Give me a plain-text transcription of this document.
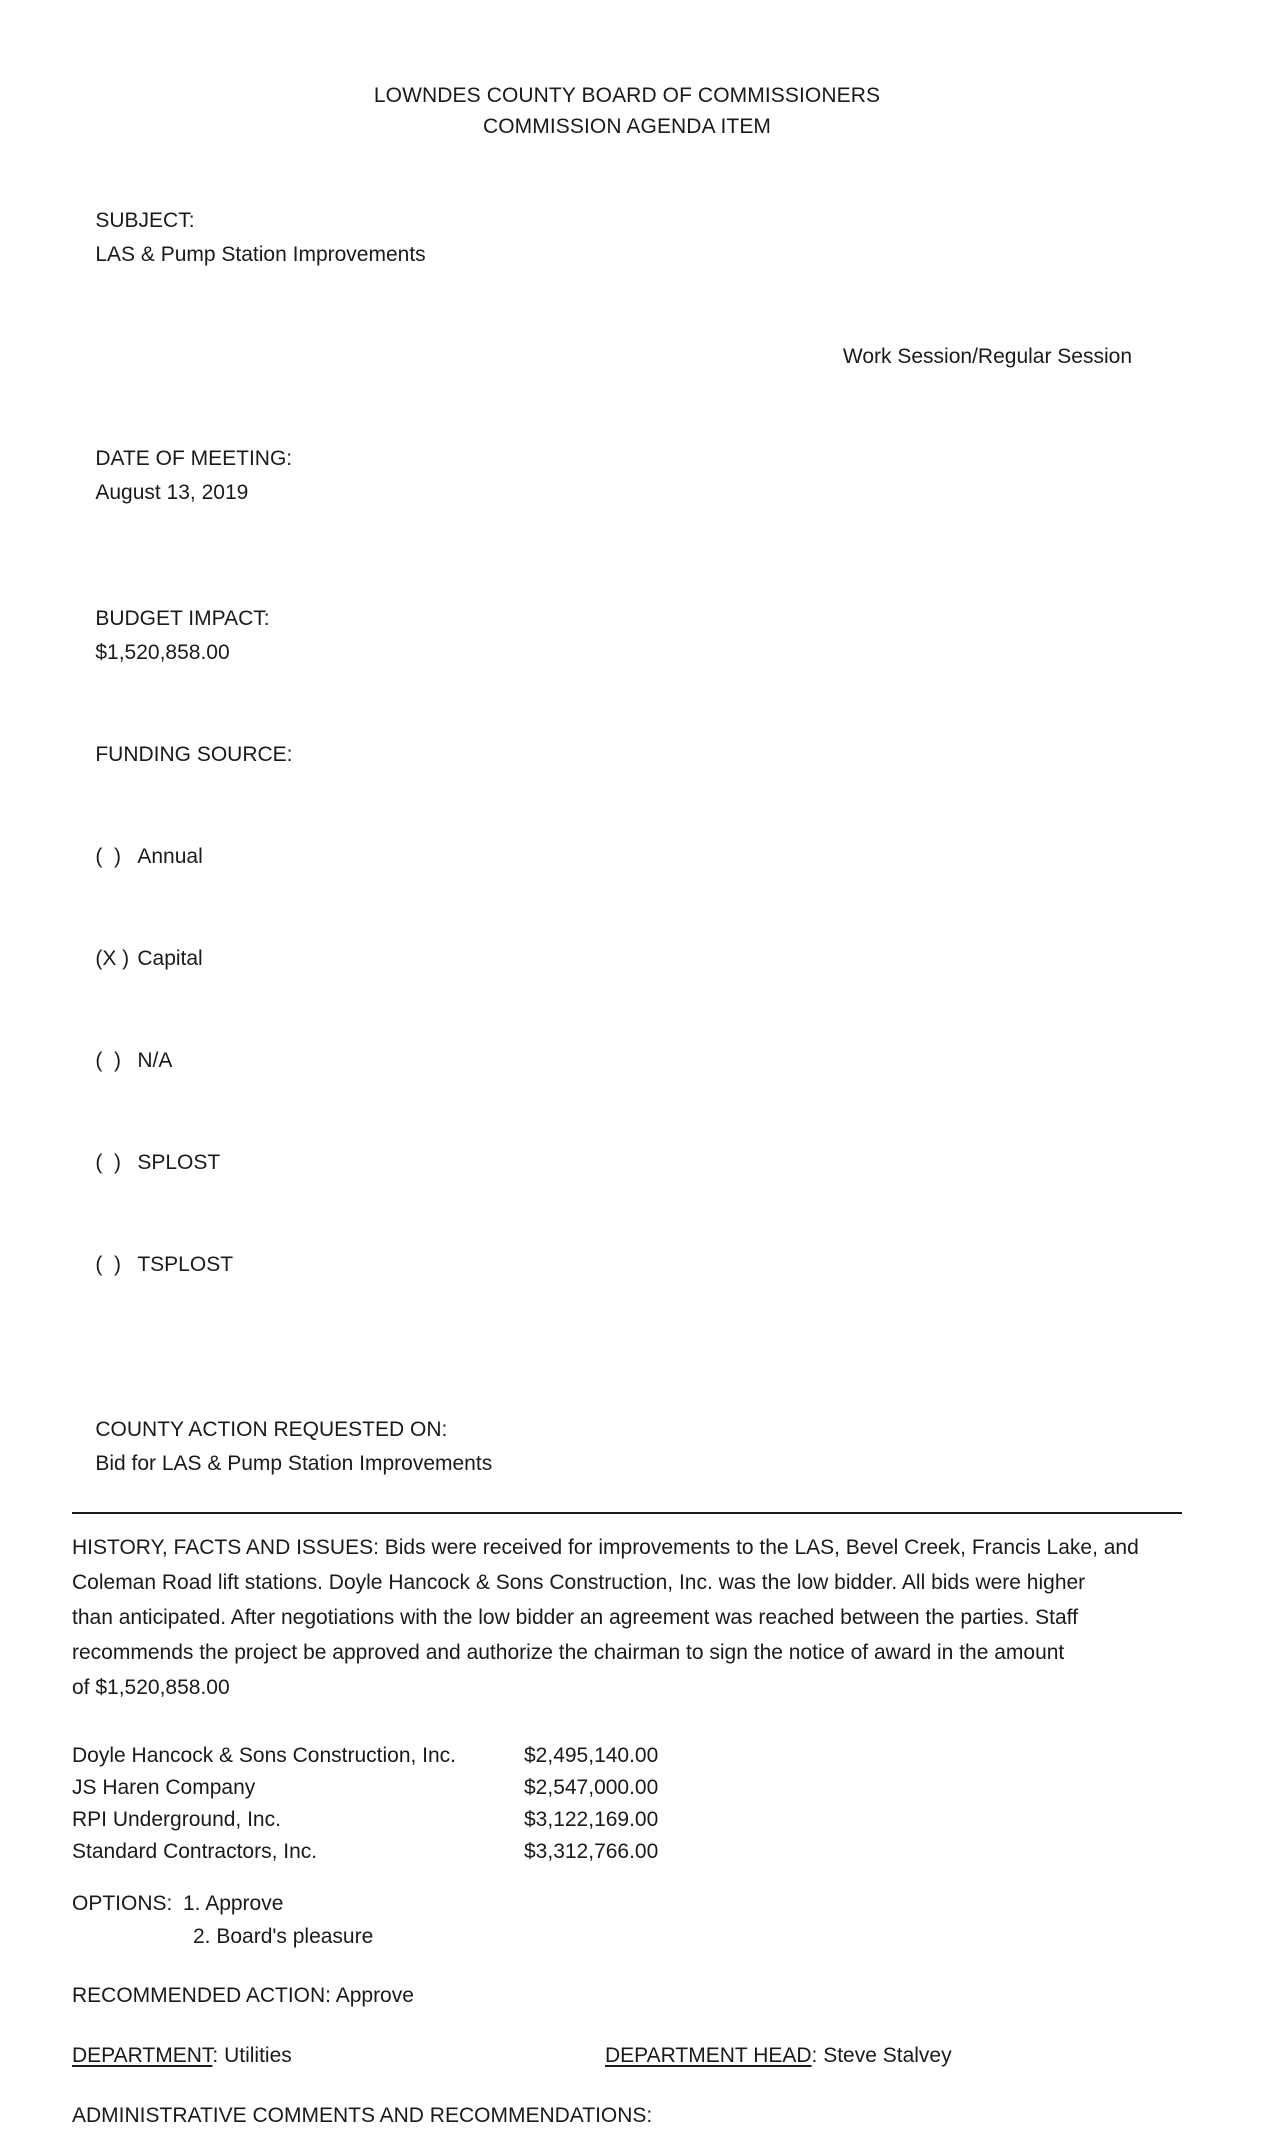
LOWNDES COUNTY BOARD OF COMMISSIONERS
COMMISSION AGENDA ITEM

SUBJECT:
LAS & Pump Station Improvements

Work Session/Regular Session

DATE OF MEETING:
August 13, 2019

BUDGET IMPACT:
$1,520,858.00

FUNDING SOURCE:

(  ) Annual

(X ) Capital

(  ) N/A

(  ) SPLOST

(  ) TSPLOST

COUNTY ACTION REQUESTED ON:
Bid for LAS & Pump Station Improvements

HISTORY, FACTS AND ISSUES: Bids were received for improvements to the LAS, Bevel Creek, Francis Lake, and
Coleman Road lift stations. Doyle Hancock & Sons Construction, Inc. was the low bidder. All bids were higher
than anticipated. After negotiations with the low bidder an agreement was reached between the parties. Staff
recommends the project be approved and authorize the chairman to sign the notice of award in the amount
of $1,520,858.00
Doyle Hancock & Sons Construction, Inc.	$2,495,140.00
JS Haren Company	$2,547,000.00
RPI Underground, Inc.	$3,122,169.00
Standard Contractors, Inc.	$3,312,766.00
OPTIONS: 1. Approve
2. Board's pleasure
RECOMMENDED ACTION: Approve
DEPARTMENT: Utilities	DEPARTMENT HEAD: Steve Stalvey
ADMINISTRATIVE COMMENTS AND RECOMMENDATIONS:
